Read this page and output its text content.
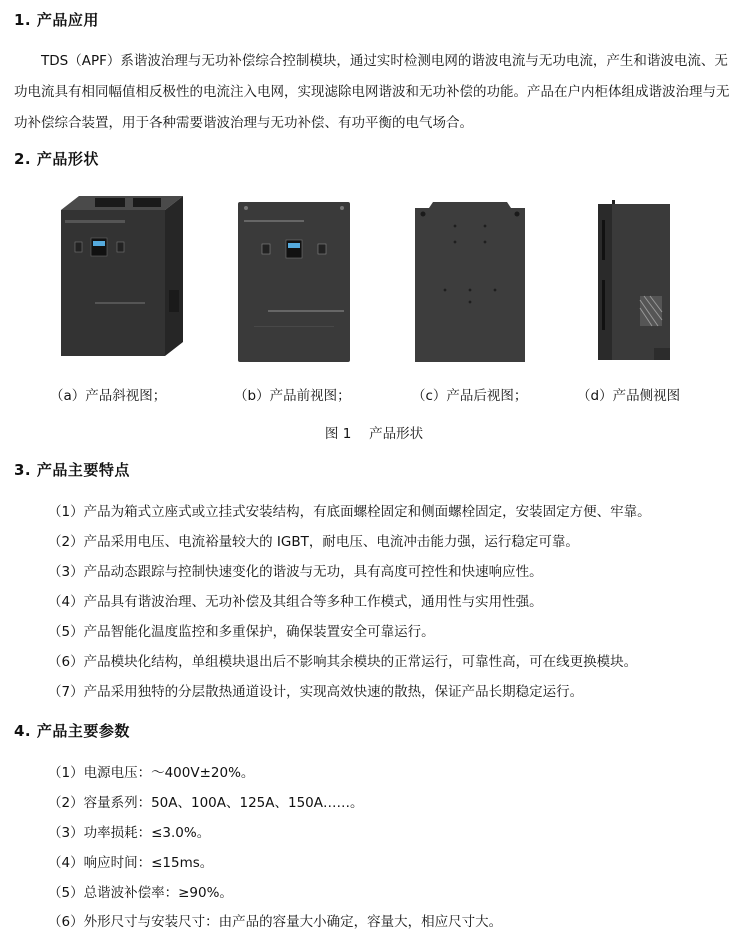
1. 产品应用
TDS（APF）系谐波治理与无功补偿综合控制模块，通过实时检测电网的谐波电流与无功电流，产生和谐波电流、无功电流具有相同幅值相反极性的电流注入电网，实现滤除电网谐波和无功补偿的功能。产品在户内柜体组成谐波治理与无功补偿综合装置，用于各种需要谐波治理与无功补偿、有功平衡的电气场合。
2. 产品形状
（a）产品斜视图；	（b）产品前视图；	（c）产品后视图；	（d）产品侧视图
图 1　 产品形状
3. 产品主要特点
（1）产品为箱式立座式或立挂式安装结构，有底面螺栓固定和侧面螺栓固定，安装固定方便、牢靠。
（2）产品采用电压、电流裕量较大的 IGBT，耐电压、电流冲击能力强，运行稳定可靠。
（3）产品动态跟踪与控制快速变化的谐波与无功，具有高度可控性和快速响应性。
（4）产品具有谐波治理、无功补偿及其组合等多种工作模式，通用性与实用性强。
（5）产品智能化温度监控和多重保护，确保装置安全可靠运行。
（6）产品模块化结构，单组模块退出后不影响其余模块的正常运行，可靠性高，可在线更换模块。
（7）产品采用独特的分层散热通道设计，实现高效快速的散热，保证产品长期稳定运行。
4. 产品主要参数
（1）电源电压：～400V±20%。
（2）容量系列：50A、100A、125A、150A……。
（3）功率损耗：≤3.0%。
（4）响应时间：≤15ms。
（5）总谐波补偿率：≥90%。
（6）外形尺寸与安装尺寸：由产品的容量大小确定，容量大，相应尺寸大。
